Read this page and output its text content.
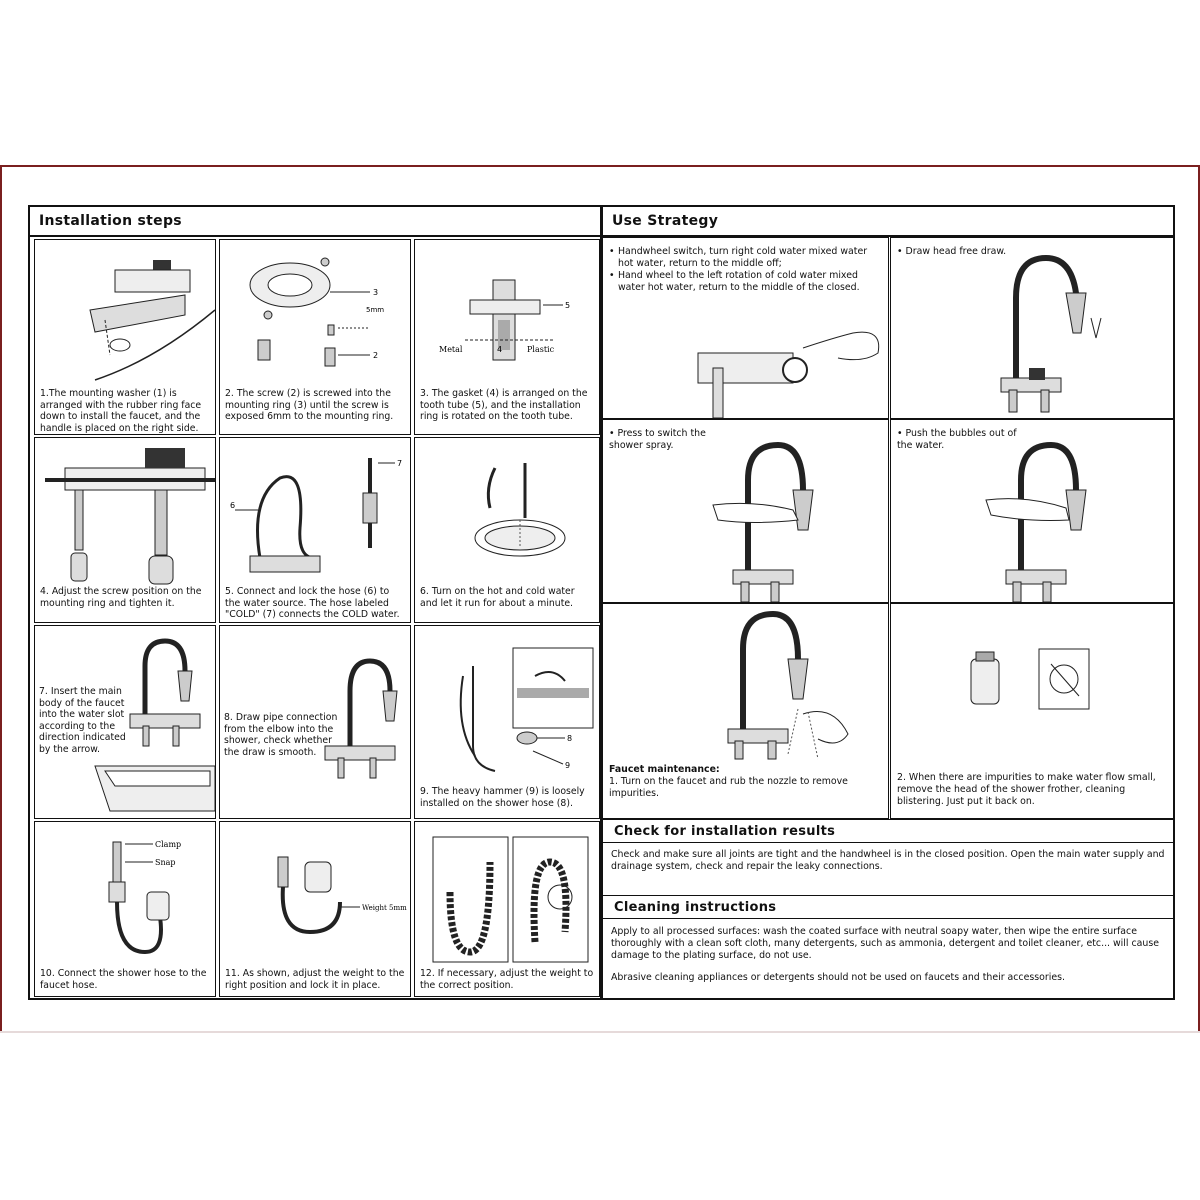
Installation steps
1.The mounting washer (1) is arranged with the rubber ring face down to install the faucet, and the handle is placed on the right side.
3
5mm
2
2. The screw (2) is screwed into the mounting ring (3) until the screw is exposed 6mm to the mounting ring.
5
Metal	4	Plastic
3. The gasket (4) is arranged on the tooth tube (5), and the installation ring is rotated on the tooth tube.
4. Adjust the screw position on the mounting ring and tighten it.
6
7
5. Connect and lock the hose (6) to the water source. The hose labeled "COLD" (7) connects the COLD water.
6. Turn on the hot and cold water and let it run for about a minute.
7. Insert the main body of the faucet into the water slot according to the direction indicated by the arrow.
8. Draw pipe connection from the elbow into the shower, check whether the draw is smooth.
8
9
9. The heavy hammer (9) is loosely installed on the shower hose (8).
Clamp
Snap
10. Connect the shower hose to the faucet hose.
Weight 5mm
11. As shown, adjust the weight to the right position and lock it in place.
12. If necessary, adjust the weight to the correct position.
Use Strategy
• Handwheel switch, turn right cold water mixed water hot water, return to the middle off;
• Hand wheel to the left rotation of cold water mixed water hot water, return to the middle of the closed.
• Draw head free draw.
• Press to switch the shower spray.
• Push the bubbles out of the water.
Faucet maintenance:
1. Turn on the faucet and rub the nozzle to remove impurities.
2. When there are impurities to make water flow small, remove the head of the shower frother, cleaning blistering. Just put it back on.
Check for installation results
Check and make sure all joints are tight and the handwheel is in the closed position. Open the main water supply and drainage system, check and repair the leaky connections.
Cleaning instructions
Apply to all processed surfaces: wash the coated surface with neutral soapy water, then wipe the entire surface thoroughly with a clean soft cloth, many detergents, such as ammonia, detergent and toilet cleaner, etc... will cause damage to the plating surface, do not use.
Abrasive cleaning appliances or detergents should not be used on faucets and their accessories.
